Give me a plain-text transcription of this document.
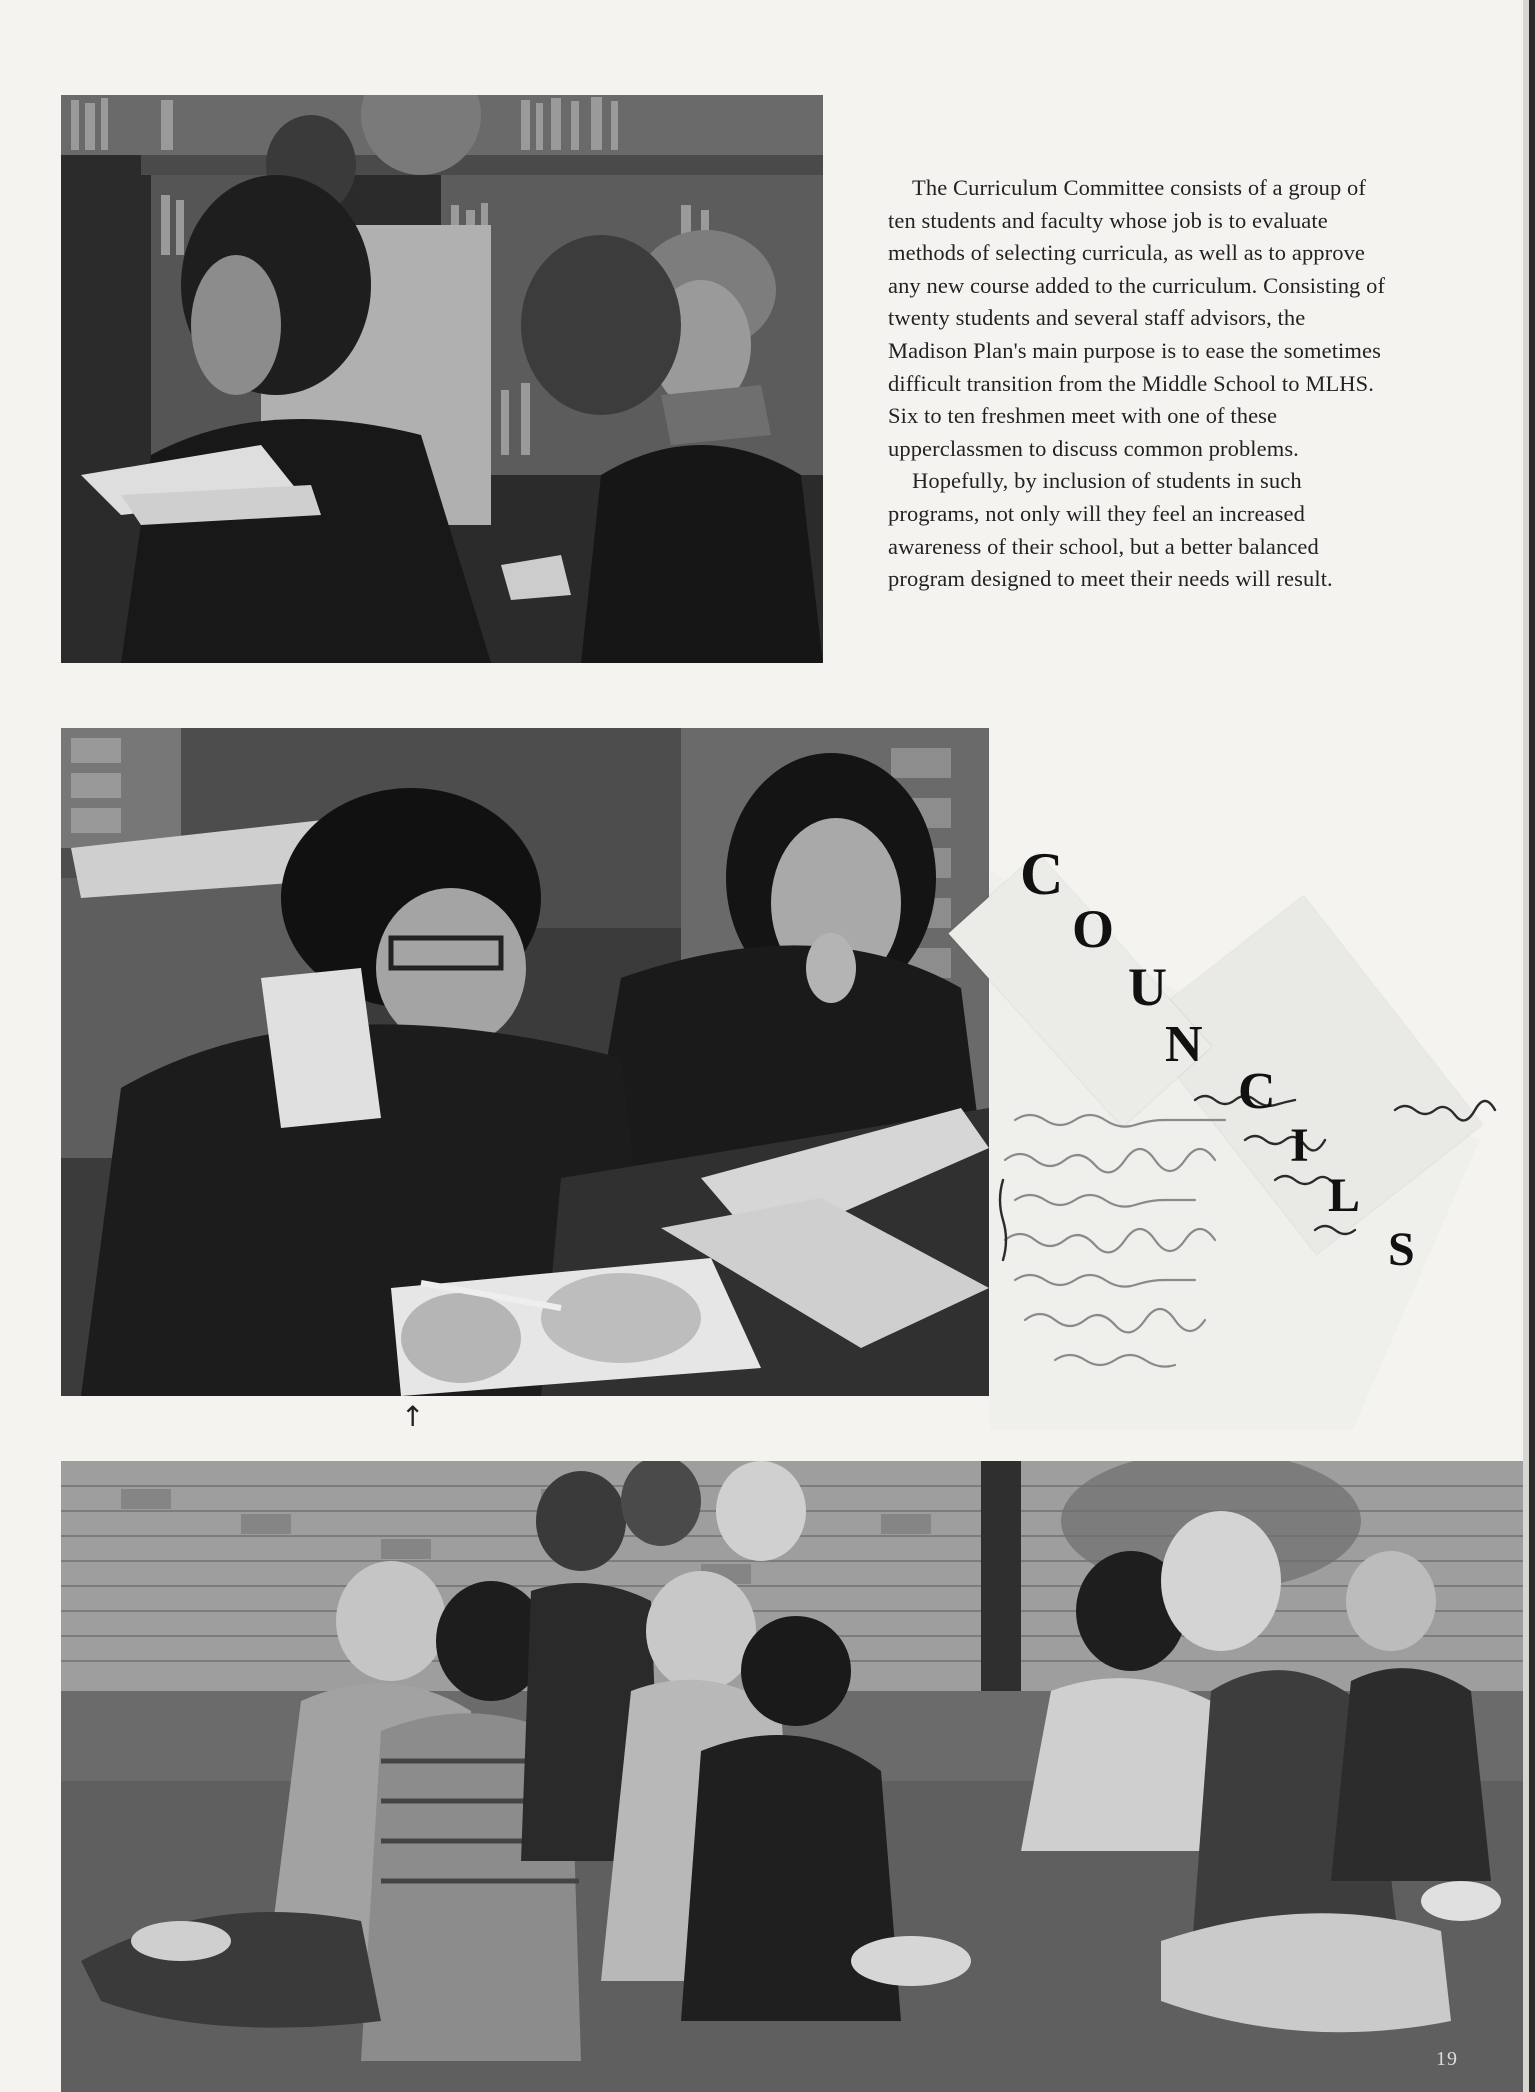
The Curriculum Committee consists of a group of ten students and faculty whose job is to evaluate methods of selecting curricula, as well as to approve any new course added to the curriculum. Consisting of twenty students and several staff advisors, the Madison Plan's main purpose is to ease the sometimes difficult transition from the Middle School to MLHS. Six to ten freshmen meet with one of these upperclassmen to discuss common problems.

Hopefully, by inclusion of students in such programs, not only will they feel an increased awareness of their school, but a better balanced program designed to meet their needs will result.

C
O
U
N
C
I
L
S
↑
19
